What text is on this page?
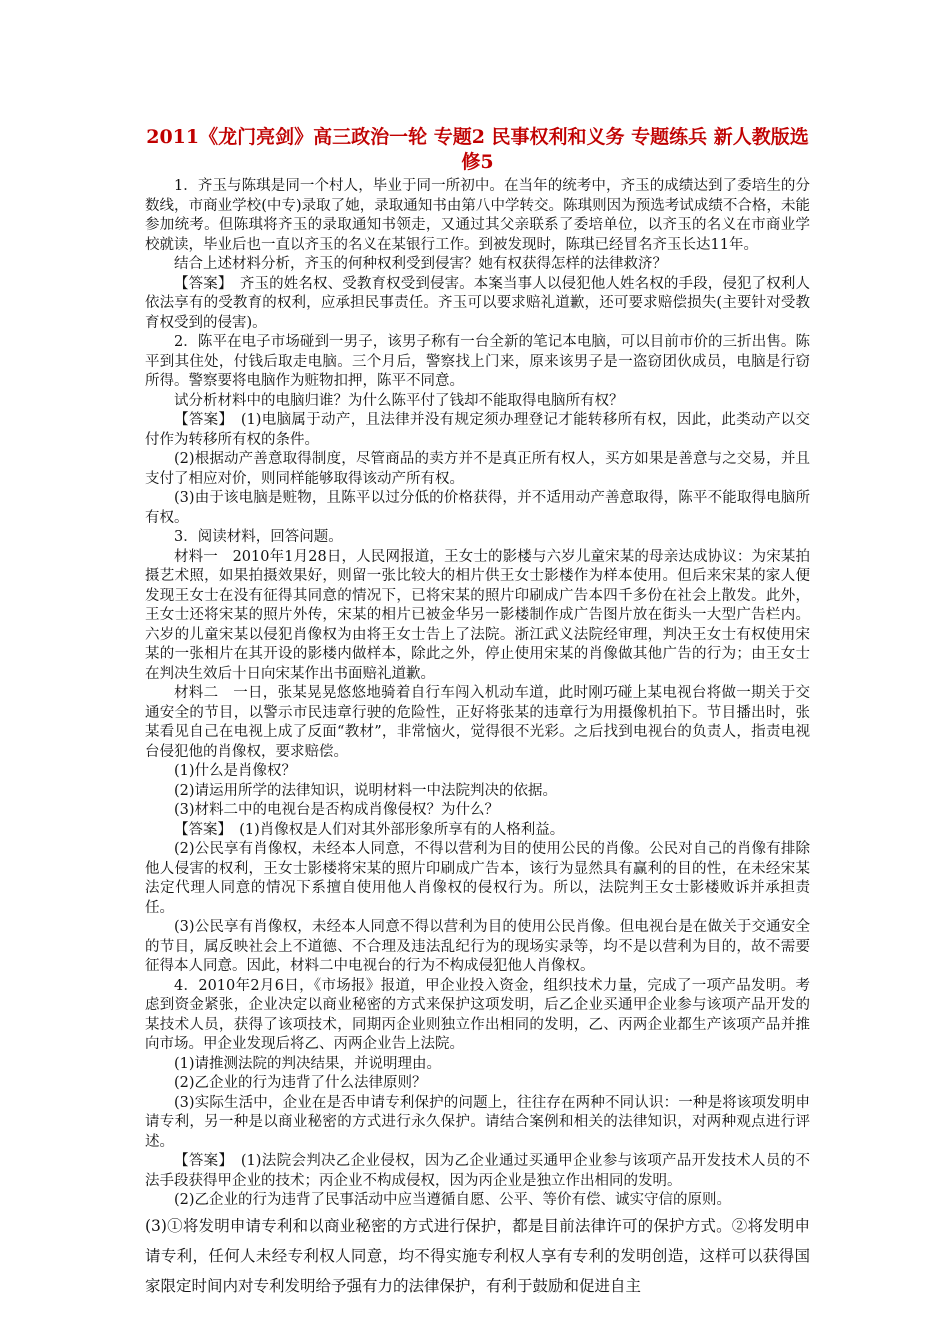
2011《龙门亮剑》高三政治一轮 专题2 民事权利和义务 专题练兵 新人教版选修5

1．齐玉与陈琪是同一个村人，毕业于同一所初中。在当年的统考中，齐玉的成绩达到了委培生的分数线，市商业学校(中专)录取了她，录取通知书由第八中学转交。陈琪则因为预选考试成绩不合格，未能参加统考。但陈琪将齐玉的录取通知书领走，又通过其父亲联系了委培单位，以齐玉的名义在市商业学校就读，毕业后也一直以齐玉的名义在某银行工作。到被发现时，陈琪已经冒名齐玉长达11年。

结合上述材料分析，齐玉的何种权利受到侵害？她有权获得怎样的法律救济？

【答案】　齐玉的姓名权、受教育权受到侵害。本案当事人以侵犯他人姓名权的手段，侵犯了权利人依法享有的受教育的权利，应承担民事责任。齐玉可以要求赔礼道歉，还可要求赔偿损失(主要针对受教育权受到的侵害)。

2．陈平在电子市场碰到一男子，该男子称有一台全新的笔记本电脑，可以目前市价的三折出售。陈平到其住处，付钱后取走电脑。三个月后，警察找上门来，原来该男子是一盗窃团伙成员，电脑是行窃所得。警察要将电脑作为赃物扣押，陈平不同意。

试分析材料中的电脑归谁？为什么陈平付了钱却不能取得电脑所有权？

【答案】　(1)电脑属于动产，且法律并没有规定须办理登记才能转移所有权，因此，此类动产以交付作为转移所有权的条件。

(2)根据动产善意取得制度，尽管商品的卖方并不是真正所有权人，买方如果是善意与之交易，并且支付了相应对价，则同样能够取得该动产所有权。

(3)由于该电脑是赃物，且陈平以过分低的价格获得，并不适用动产善意取得，陈平不能取得电脑所有权。

3．阅读材料，回答问题。

材料一　2010年1月28日，人民网报道，王女士的影楼与六岁儿童宋某的母亲达成协议：为宋某拍摄艺术照，如果拍摄效果好，则留一张比较大的相片供王女士影楼作为样本使用。但后来宋某的家人便发现王女士在没有征得其同意的情况下，已将宋某的照片印刷成广告本四千多份在社会上散发。此外，王女士还将宋某的照片外传，宋某的相片已被金华另一影楼制作成广告图片放在街头一大型广告栏内。六岁的儿童宋某以侵犯肖像权为由将王女士告上了法院。浙江武义法院经审理，判决王女士有权使用宋某的一张相片在其开设的影楼内做样本，除此之外，停止使用宋某的肖像做其他广告的行为；由王女士在判决生效后十日向宋某作出书面赔礼道歉。

材料二　一日，张某晃晃悠悠地骑着自行车闯入机动车道，此时刚巧碰上某电视台将做一期关于交通安全的节目，以警示市民违章行驶的危险性，正好将张某的违章行为用摄像机拍下。节目播出时，张某看见自己在电视上成了反面“教材”，非常恼火，觉得很不光彩。之后找到电视台的负责人，指责电视台侵犯他的肖像权，要求赔偿。

(1)什么是肖像权？

(2)请运用所学的法律知识，说明材料一中法院判决的依据。

(3)材料二中的电视台是否构成肖像侵权？为什么？

【答案】　(1)肖像权是人们对其外部形象所享有的人格利益。

(2)公民享有肖像权，未经本人同意，不得以营利为目的使用公民的肖像。公民对自己的肖像有排除他人侵害的权利，王女士影楼将宋某的照片印刷成广告本，该行为显然具有赢利的目的性，在未经宋某法定代理人同意的情况下系擅自使用他人肖像权的侵权行为。所以，法院判王女士影楼败诉并承担责任。

(3)公民享有肖像权，未经本人同意不得以营利为目的使用公民肖像。但电视台是在做关于交通安全的节目，属反映社会上不道德、不合理及违法乱纪行为的现场实录等，均不是以营利为目的，故不需要征得本人同意。因此，材料二中电视台的行为不构成侵犯他人肖像权。

4．2010年2月6日，《市场报》报道，甲企业投入资金，组织技术力量，完成了一项产品发明。考虑到资金紧张，企业决定以商业秘密的方式来保护这项发明，后乙企业买通甲企业参与该项产品开发的某技术人员，获得了该项技术，同期丙企业则独立作出相同的发明，乙、丙两企业都生产该项产品并推向市场。甲企业发现后将乙、丙两企业告上法院。

(1)请推测法院的判决结果，并说明理由。

(2)乙企业的行为违背了什么法律原则？

(3)实际生活中，企业在是否申请专利保护的问题上，往往存在两种不同认识：一种是将该项发明申请专利，另一种是以商业秘密的方式进行永久保护。请结合案例和相关的法律知识，对两种观点进行评述。

【答案】　(1)法院会判决乙企业侵权，因为乙企业通过买通甲企业参与该项产品开发技术人员的不法手段获得甲企业的技术；丙企业不构成侵权，因为丙企业是独立作出相同的发明。

(2)乙企业的行为违背了民事活动中应当遵循自愿、公平、等价有偿、诚实守信的原则。

(3)①将发明申请专利和以商业秘密的方式进行保护，都是目前法律许可的保护方式。②将发明申请专利，任何人未经专利权人同意，均不得实施专利权人享有专利的发明创造，这样可以获得国家限定时间内对专利发明给予强有力的法律保护，有利于鼓励和促进自主
